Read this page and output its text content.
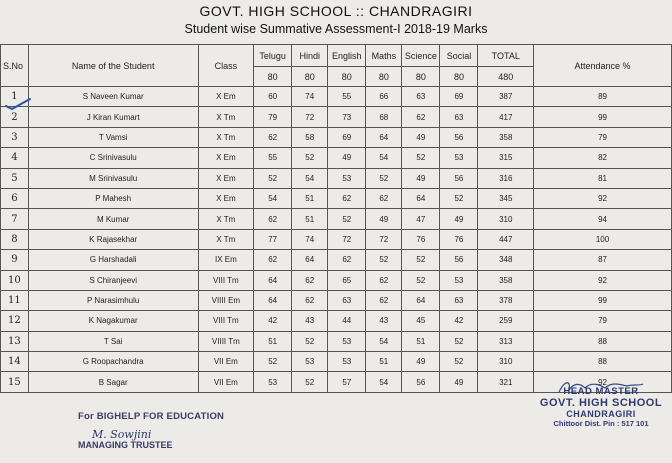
GOVT. HIGH SCHOOL :: CHANDRAGIRI
Student wise Summative Assessment-I 2018-19 Marks
S.No	Name of the Student	Class	Telugu	Hindi	English	Maths	Science	Social	TOTAL	Attendance %
			80	80	80	80	80	80	480	
1	S Naveen Kumar	X Em	60	74	55	66	63	69	387	89
2	J Kiran Kumart	X Tm	79	72	73	68	62	63	417	99
3	T Vamsi	X Tm	62	58	69	64	49	56	358	79
4	C Srinivasulu	X Em	55	52	49	54	52	53	315	82
5	M Srinivasulu	X Em	52	54	53	52	49	56	316	81
6	P Mahesh	X Em	54	51	62	62	64	52	345	92
7	M Kumar	X Tm	62	51	52	49	47	49	310	94
8	K Rajasekhar	X Tm	77	74	72	72	76	76	447	100
9	G Harshadali	IX Em	62	64	62	52	52	56	348	87
10	S Chiranjeevi	VIII Tm	64	62	65	62	52	53	358	92
11	P Narasimhulu	VIIII Em	64	62	63	62	64	63	378	99
12	K Nagakumar	VIII Tm	42	43	44	43	45	42	259	79
13	T Sai	VIIII Tm	51	52	53	54	51	52	313	88
14	G Roopachandra	VII Em	52	53	53	51	49	52	310	88
15	B Sagar	VII Em	53	52	57	54	56	49	321	92
For BIGHELP FOR EDUCATION
M. Sowjini
MANAGING TRUSTEE
HEAD MASTER
GOVT. HIGH SCHOOL
CHANDRAGIRI
Chittoor Dist. Pin : 517 101
